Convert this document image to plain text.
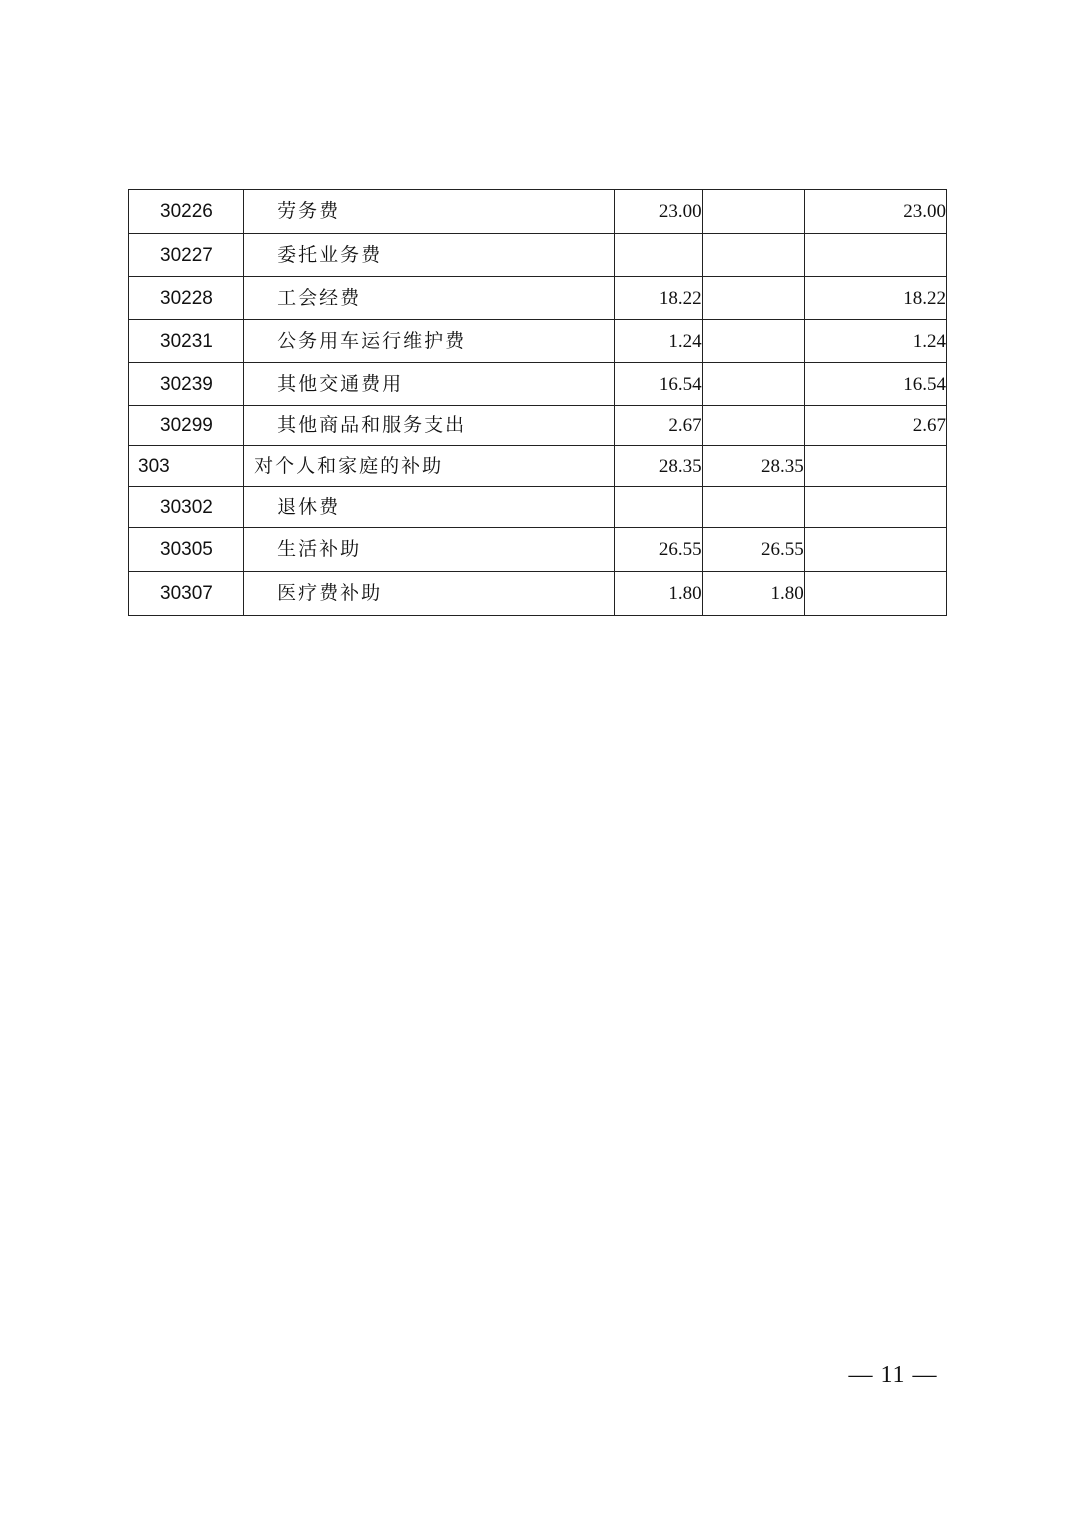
30226	劳务费	23.00		23.00

30227	委托业务费			

30228	工会经费	18.22		18.22

30231	公务用车运行维护费	1.24		1.24

30239	其他交通费用	16.54		16.54

30299	其他商品和服务支出	2.67		2.67

303	对个人和家庭的补助	28.35	28.35	

30302	退休费			

30305	生活补助	26.55	26.55	

30307	医疗费补助	1.80	1.80	
— 11 —
